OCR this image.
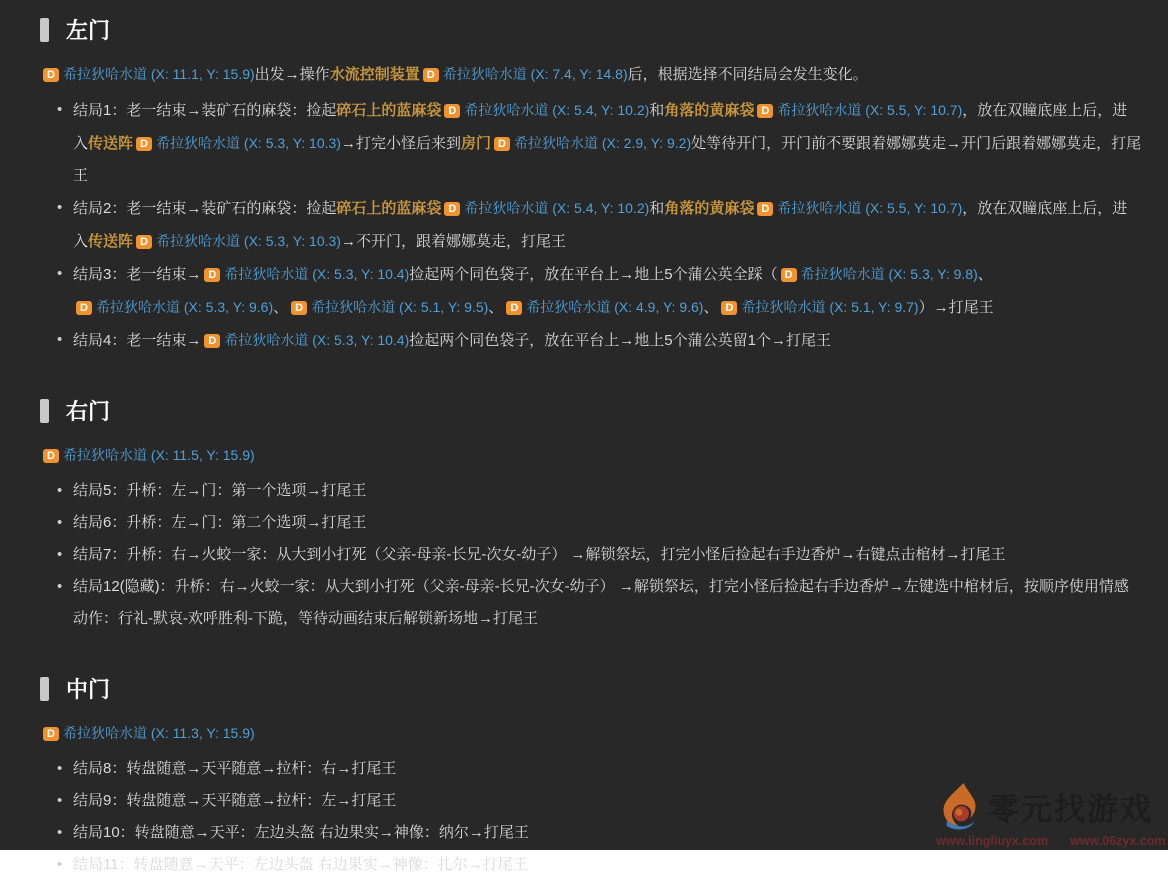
左门

D 希拉狄哈水道 (X: 11.1, Y: 15.9)出发→操作水流控制装置 D 希拉狄哈水道 (X: 7.4, Y: 14.8)后，根据选择不同结局会发生变化。

• 结局1：老一结束→装矿石的麻袋：捡起碎石上的蓝麻袋 D 希拉狄哈水道 (X: 5.4, Y: 10.2)和角落的黄麻袋 D 希拉狄哈水道 (X: 5.5, Y: 10.7)，放在双瞳底座上后，进入传送阵 D 希拉狄哈水道 (X: 5.3, Y: 10.3)→打完小怪后来到房门 D 希拉狄哈水道 (X: 2.9, Y: 9.2)处等待开门，开门前不要跟着娜娜莫走→开门后跟着娜娜莫走，打尾王
• 结局2：老一结束→装矿石的麻袋：捡起碎石上的蓝麻袋 D 希拉狄哈水道 (X: 5.4, Y: 10.2)和角落的黄麻袋 D 希拉狄哈水道 (X: 5.5, Y: 10.7)，放在双瞳底座上后，进入传送阵 D 希拉狄哈水道 (X: 5.3, Y: 10.3)→不开门，跟着娜娜莫走，打尾王
• 结局3：老一结束→ D 希拉狄哈水道 (X: 5.3, Y: 10.4)捡起两个同色袋子，放在平台上→地上5个蒲公英全踩（ D 希拉狄哈水道 (X: 5.3, Y: 9.8)、D 希拉狄哈水道 (X: 5.3, Y: 9.6)、 D 希拉狄哈水道 (X: 5.1, Y: 9.5)、 D 希拉狄哈水道 (X: 4.9, Y: 9.6)、 D 希拉狄哈水道 (X: 5.1, Y: 9.7)）→打尾王
• 结局4：老一结束→ D 希拉狄哈水道 (X: 5.3, Y: 10.4)捡起两个同色袋子，放在平台上→地上5个蒲公英留1个→打尾王
右门

D 希拉狄哈水道 (X: 11.5, Y: 15.9)

• 结局5：升桥：左→门：第一个选项→打尾王
• 结局6：升桥：左→门：第二个选项→打尾王
• 结局7：升桥：右→火蛟一家：从大到小打死（父亲-母亲-长兄-次女-幼子） →解锁祭坛，打完小怪后捡起右手边香炉→右键点击棺材→打尾王
• 结局12(隐藏)：升桥：右→火蛟一家：从大到小打死（父亲-母亲-长兄-次女-幼子） →解锁祭坛，打完小怪后捡起右手边香炉→左键选中棺材后，按顺序使用情感动作：行礼-默哀-欢呼胜利-下跪，等待动画结束后解锁新场地→打尾王
中门

D 希拉狄哈水道 (X: 11.3, Y: 15.9)

• 结局8：转盘随意→天平随意→拉杆：右→打尾王
• 结局9：转盘随意→天平随意→拉杆：左→打尾王
• 结局10：转盘随意→天平：左边头盔 右边果实→神像：纳尔→打尾王
• 结局11：转盘随意→天平：左边头盔 右边果实→神像：扎尔→打尾王
零元找游戏
www.lingliuyx.com www.06zyx.com
